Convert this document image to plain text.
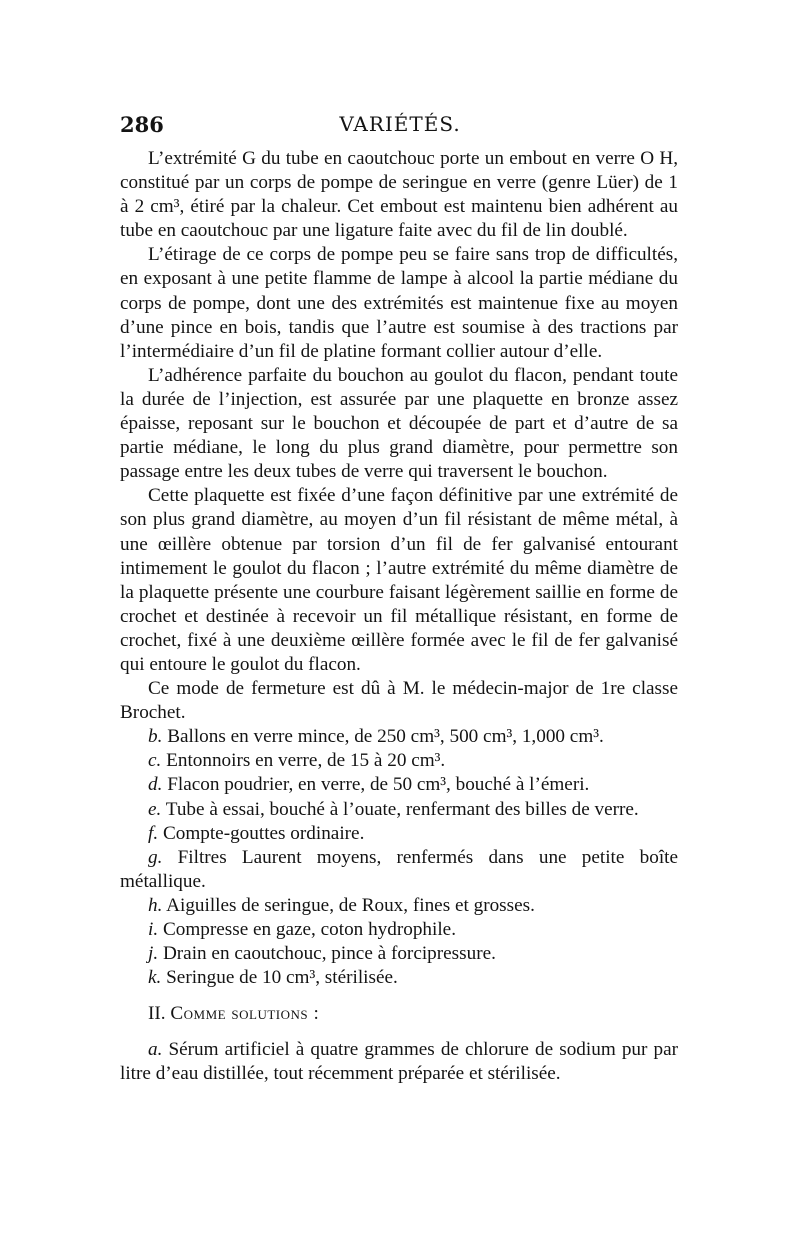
286	VARIÉTÉS.

L’extrémité G du tube en caoutchouc porte un embout en verre O H, constitué par un corps de pompe de seringue en verre (genre Lüer) de 1 à 2 cm³, étiré par la chaleur. Cet embout est maintenu bien adhérent au tube en caoutchouc par une ligature faite avec du fil de lin doublé.

L’étirage de ce corps de pompe peu se faire sans trop de difficultés, en exposant à une petite flamme de lampe à alcool la partie médiane du corps de pompe, dont une des extrémités est maintenue fixe au moyen d’une pince en bois, tandis que l’autre est soumise à des tractions par l’intermédiaire d’un fil de platine formant collier autour d’elle.

L’adhérence parfaite du bouchon au goulot du flacon, pendant toute la durée de l’injection, est assurée par une plaquette en bronze assez épaisse, reposant sur le bouchon et découpée de part et d’autre de sa partie médiane, le long du plus grand diamètre, pour permettre son passage entre les deux tubes de verre qui traversent le bouchon.

Cette plaquette est fixée d’une façon définitive par une extrémité de son plus grand diamètre, au moyen d’un fil résistant de même métal, à une œillère obtenue par torsion d’un fil de fer galvanisé entourant intimement le goulot du flacon ; l’autre extrémité du même diamètre de la plaquette présente une courbure faisant légèrement saillie en forme de crochet et destinée à recevoir un fil métallique résistant, en forme de crochet, fixé à une deuxième œillère formée avec le fil de fer galvanisé qui entoure le goulot du flacon.

Ce mode de fermeture est dû à M. le médecin-major de 1re classe Brochet.

b. Ballons en verre mince, de 250 cm³, 500 cm³, 1,000 cm³.
c. Entonnoirs en verre, de 15 à 20 cm³.
d. Flacon poudrier, en verre, de 50 cm³, bouché à l’émeri.
e. Tube à essai, bouché à l’ouate, renfermant des billes de verre.
f. Compte-gouttes ordinaire.
g. Filtres Laurent moyens, renfermés dans une petite boîte métallique.
h. Aiguilles de seringue, de Roux, fines et grosses.
i. Compresse en gaze, coton hydrophile.
j. Drain en caoutchouc, pince à forcipressure.
k. Seringue de 10 cm³, stérilisée.
II. Comme solutions :
a. Sérum artificiel à quatre grammes de chlorure de sodium pur par litre d’eau distillée, tout récemment préparée et stérilisée.
